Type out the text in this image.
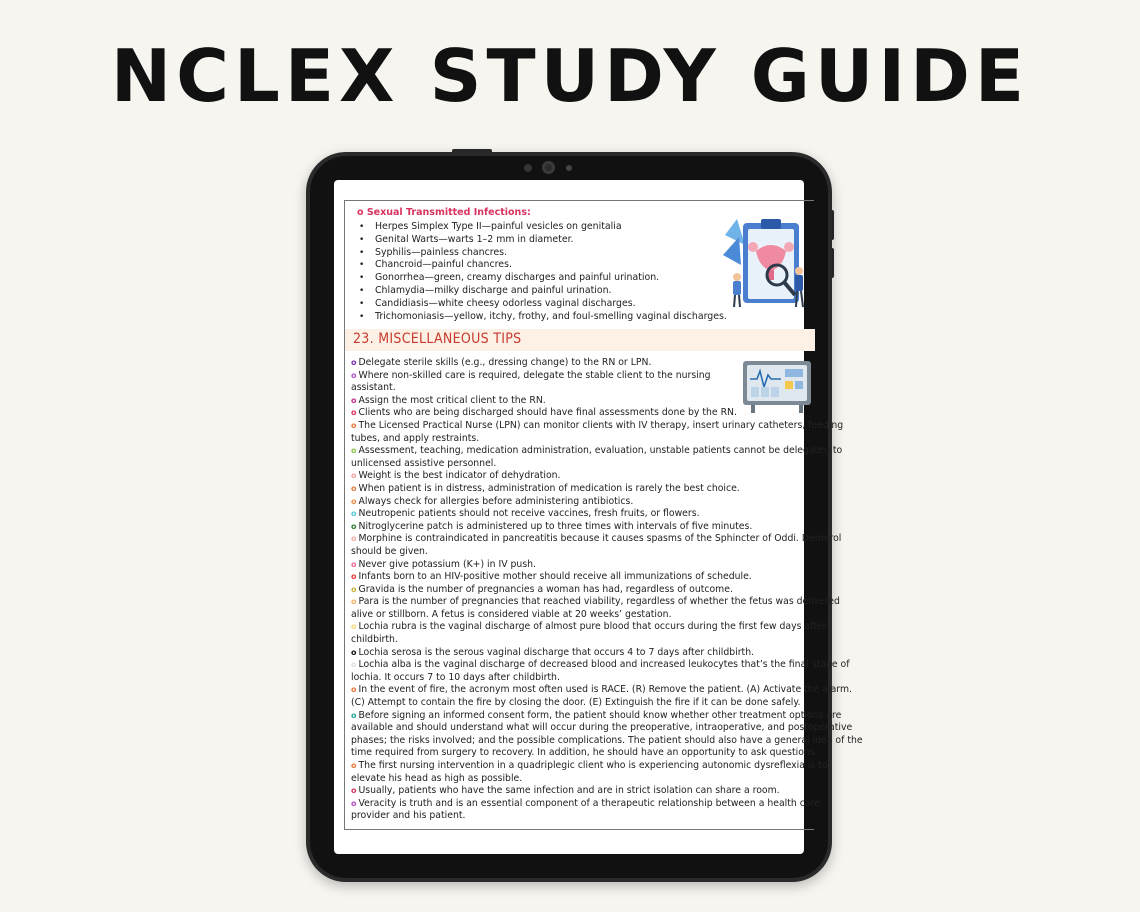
NCLEX STUDY GUIDE
o Sexual Transmitted Infections:
• Herpes Simplex Type II—painful vesicles on genitalia
• Genital Warts—warts 1–2 mm in diameter.
• Syphilis—painless chancres.
• Chancroid—painful chancres.
• Gonorrhea—green, creamy discharges and painful urination.
• Chlamydia—milky discharge and painful urination.
• Candidiasis—white cheesy odorless vaginal discharges.
• Trichomoniasis—yellow, itchy, frothy, and foul-smelling vaginal discharges.
23. MISCELLANEOUS TIPS
o Delegate sterile skills (e.g., dressing change) to the RN or LPN.
o Where non-skilled care is required, delegate the stable client to the nursing
assistant.
o Assign the most critical client to the RN.
o Clients who are being discharged should have final assessments done by the RN.
o The Licensed Practical Nurse (LPN) can monitor clients with IV therapy, insert urinary catheters, feeding
tubes, and apply restraints.
o Assessment, teaching, medication administration, evaluation, unstable patients cannot be delegated to
unlicensed assistive personnel.
o Weight is the best indicator of dehydration.
o When patient is in distress, administration of medication is rarely the best choice.
o Always check for allergies before administering antibiotics.
o Neutropenic patients should not receive vaccines, fresh fruits, or flowers.
o Nitroglycerine patch is administered up to three times with intervals of five minutes.
o Morphine is contraindicated in pancreatitis because it causes spasms of the Sphincter of Oddi. Demerol
should be given.
o Never give potassium (K+) in IV push.
o Infants born to an HIV-positive mother should receive all immunizations of schedule.
o Gravida is the number of pregnancies a woman has had, regardless of outcome.
o Para is the number of pregnancies that reached viability, regardless of whether the fetus was delivered
alive or stillborn. A fetus is considered viable at 20 weeks’ gestation.
o Lochia rubra is the vaginal discharge of almost pure blood that occurs during the first few days after
childbirth.
o Lochia serosa is the serous vaginal discharge that occurs 4 to 7 days after childbirth.
o Lochia alba is the vaginal discharge of decreased blood and increased leukocytes that’s the final stage of
lochia. It occurs 7 to 10 days after childbirth.
o In the event of fire, the acronym most often used is RACE. (R) Remove the patient. (A) Activate the alarm.
(C) Attempt to contain the fire by closing the door. (E) Extinguish the fire if it can be done safely.
o Before signing an informed consent form, the patient should know whether other treatment options are
available and should understand what will occur during the preoperative, intraoperative, and postoperative
phases; the risks involved; and the possible complications. The patient should also have a general idea of the
time required from surgery to recovery. In addition, he should have an opportunity to ask questions.
o The first nursing intervention in a quadriplegic client who is experiencing autonomic dysreflexia is to
elevate his head as high as possible.
o Usually, patients who have the same infection and are in strict isolation can share a room.
o Veracity is truth and is an essential component of a therapeutic relationship between a health care
provider and his patient.
